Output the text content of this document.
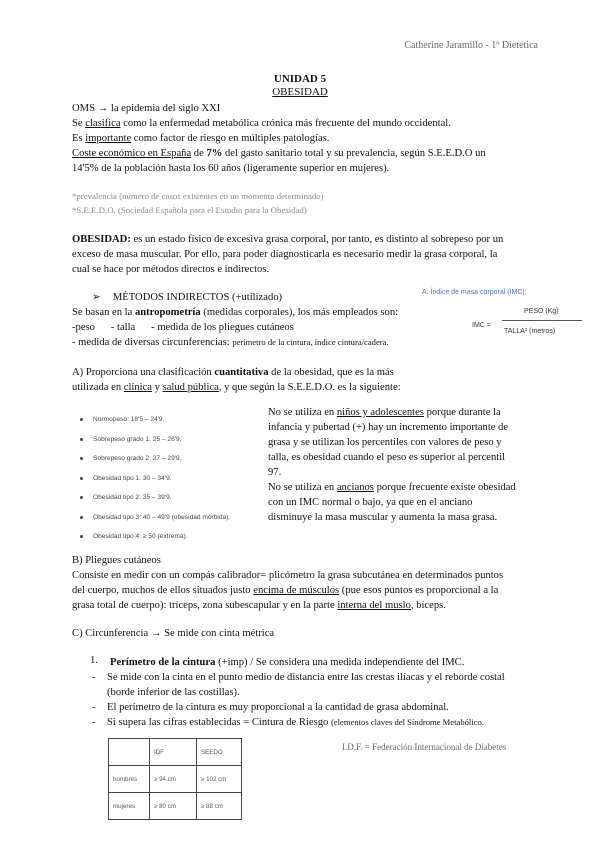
Catherine Jaramillo - 1º Dietética
UNIDAD 5
OBESIDAD
OMS → la epidemia del siglo XXI
Se clasifica como la enfermedad metabólica crónica más frecuente del mundo occidental.
Es importante como factor de riesgo en múltiples patologías.
Coste económico en España de 7% del gasto sanitario total y su prevalencia, según S.E.E.D.O un
14'5% de la población hasta los 60 años (ligeramente superior en mujeres).
*prevalencia (número de casos existentes en un momento determinado)
*S.E.E.D.O. (Sociedad Española para el Estudio para la Obesidad)
OBESIDAD: es un estado físico de excesiva grasa corporal, por tanto, es distinto al sobrepeso por un
exceso de masa muscular. Por ello, para poder diagnosticarla es necesario medir la grasa corporal, la
cual se hace por métodos directos e indirectos.
➢ MÉTODOS INDIRECTOS (+utilizado)
Se basan en la antropometría (medidas corporales), los más empleados son:
-peso      - talla      - medida de los pliegues cutáneos
- medida de diversas circunferencias: perímetro de la cintura, índice cintura/cadera.
A. Índice de masa corporal (IMC):
PESO (Kg)
IMC =
TALLA² (metros)
A) Proporciona una clasificación cuantitativa de la obesidad, que es la más
utilizada en clínica y salud pública, y que según la S.E.E.D.O. es la siguiente:
Normopeso: 18'5 – 24'9.
Sobrepeso grado 1: 25 – 26'9.
Sobrepeso grado 2: 27 – 29'9.
Obesidad tipo 1: 30 – 34'9.
Obesidad tipo 2: 35 – 39'9.
Obesidad tipo 3: 40 – 49'9 (obesidad mórbida).
Obesidad tipo 4: ≥ 50 (extrema).
No se utiliza en niños y adolescentes porque durante la
infancia y pubertad (+) hay un incremento importante de
grasa y se utilizan los percentiles con valores de peso y
talla, es obesidad cuando el peso es superior al percentil
97.
No se utiliza en ancianos porque frecuente existe obesidad
con un IMC normal o bajo, ya que en el anciano
disminuye la masa muscular y aumenta la masa grasa.
B) Pliegues cutáneos
Consiste en medir con un compás calibrador= plicómetro la grasa subcutánea en determinados puntos
del cuerpo, muchos de ellos situados justo encima de músculos (pue esos puntos es proporcional a la
grasa total de cuerpo): tríceps, zona subescapular y en la parte interna del muslo, bíceps.
C) Circunferencia → Se mide con cinta métrica
1. Perímetro de la cintura (+imp) / Se considera una medida independiente del IMC.
-	Se mide con la cinta en el punto medio de distancia entre las crestas ilíacas y el reborde costal
(borde inferior de las costillas).
-	El perímetro de la cintura es muy proporcional a la cantidad de grasa abdominal.
-	Si supera las cifras establecidas = Cintura de Riesgo (elementos claves del Síndrome Metabólico.
	IDF	SEEDO
hombres	≥ 94 cm	≥ 102 cm
mujeres	≥ 80 cm	≥ 88 cm
I.D.F. = Federación Internacional de Diabetes
